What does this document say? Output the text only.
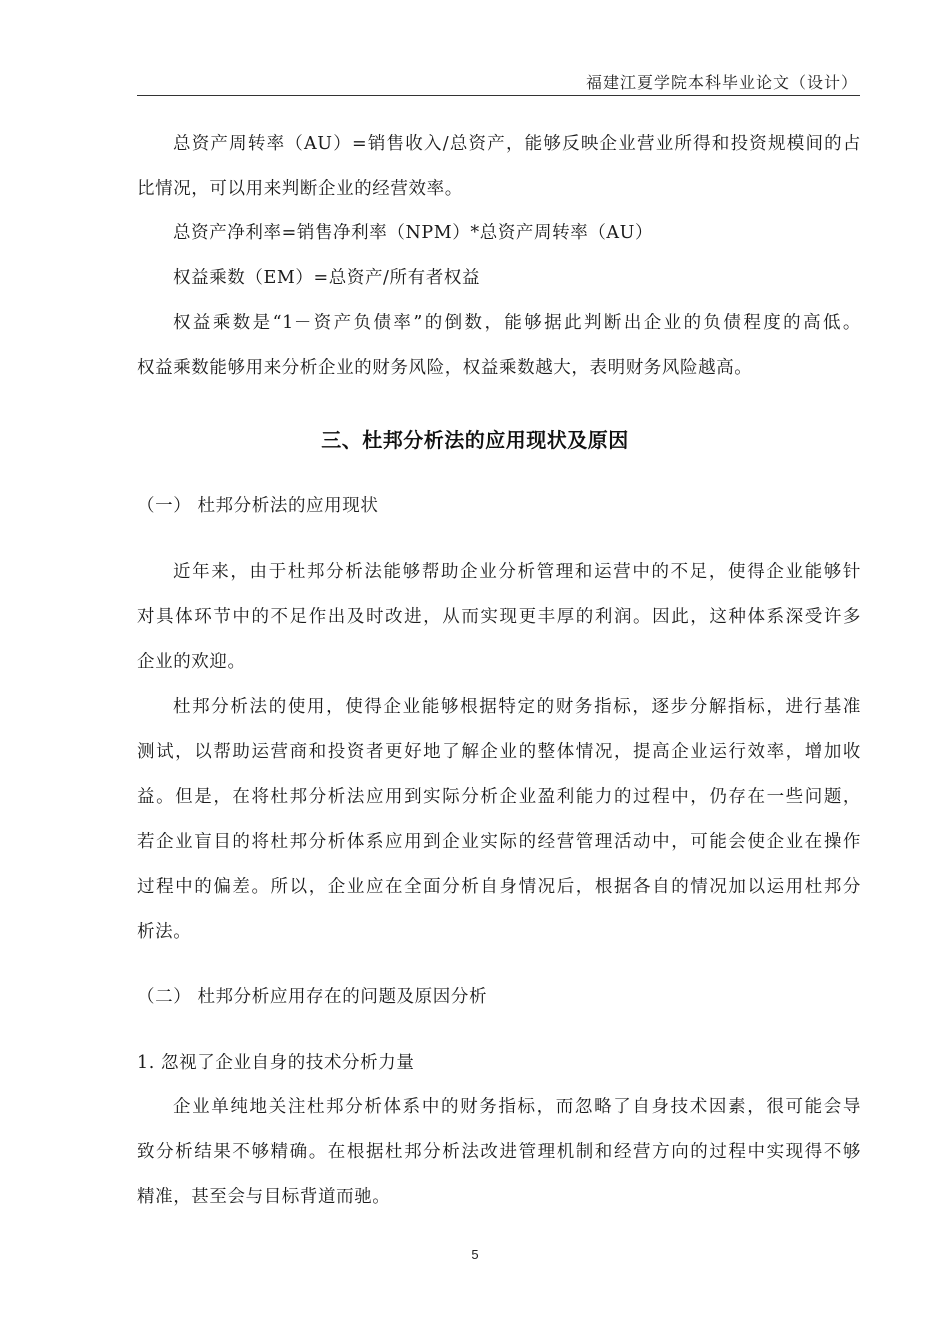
福建江夏学院本科毕业论文（设计）
总资产周转率（AU）=销售收入/总资产，能够反映企业营业所得和投资规模间的占
比情况，可以用来判断企业的经营效率。
总资产净利率=销售净利率（NPM）*总资产周转率（AU）
权益乘数（EM）=总资产/所有者权益
权益乘数是“1－资产负债率”的倒数，能够据此判断出企业的负债程度的高低。
权益乘数能够用来分析企业的财务风险，权益乘数越大，表明财务风险越高。
三、杜邦分析法的应用现状及原因
（一） 杜邦分析法的应用现状
近年来，由于杜邦分析法能够帮助企业分析管理和运营中的不足，使得企业能够针
对具体环节中的不足作出及时改进，从而实现更丰厚的利润。因此，这种体系深受许多
企业的欢迎。
杜邦分析法的使用，使得企业能够根据特定的财务指标，逐步分解指标，进行基准
测试，以帮助运营商和投资者更好地了解企业的整体情况，提高企业运行效率，增加收
益。但是，在将杜邦分析法应用到实际分析企业盈利能力的过程中，仍存在一些问题，
若企业盲目的将杜邦分析体系应用到企业实际的经营管理活动中，可能会使企业在操作
过程中的偏差。所以，企业应在全面分析自身情况后，根据各自的情况加以运用杜邦分
析法。
（二） 杜邦分析应用存在的问题及原因分析
1. 忽视了企业自身的技术分析力量
企业单纯地关注杜邦分析体系中的财务指标，而忽略了自身技术因素，很可能会导
致分析结果不够精确。在根据杜邦分析法改进管理机制和经营方向的过程中实现得不够
精准，甚至会与目标背道而驰。
5
